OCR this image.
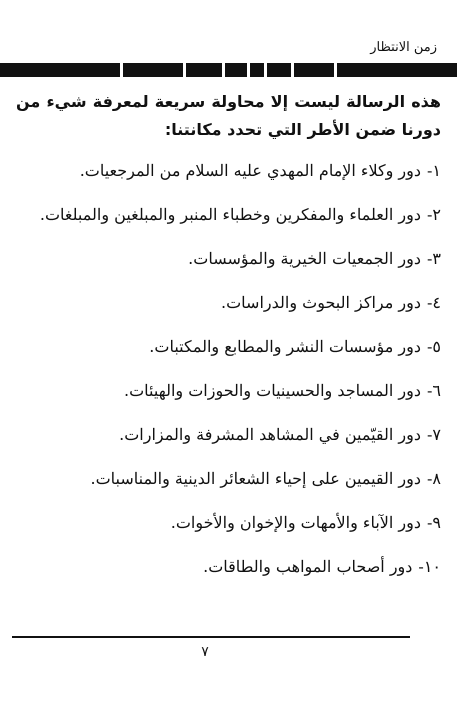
زمن الانتظار

هذه الرسالة ليست إلا محاولة سريعة لمعرفة شيء من دورنا ضمن الأطر التي تحدد مكانتنا:

١-دور وكلاء الإمام المهدي عليه السلام من المرجعيات.
٢-دور العلماء والمفكرين وخطباء المنبر والمبلغين والمبلغات.
٣-دور الجمعيات الخيرية والمؤسسات.
٤-دور مراكز البحوث والدراسات.
٥-دور مؤسسات النشر والمطابع والمكتبات.
٦-دور المساجد والحسينيات والحوزات والهيئات.
٧-دور القيّمين في المشاهد المشرفة والمزارات.
٨-دور القيمين على إحياء الشعائر الدينية والمناسبات.
٩-دور الآباء والأمهات والإخوان والأخوات.
١٠-دور أصحاب المواهب والطاقات.
٧
